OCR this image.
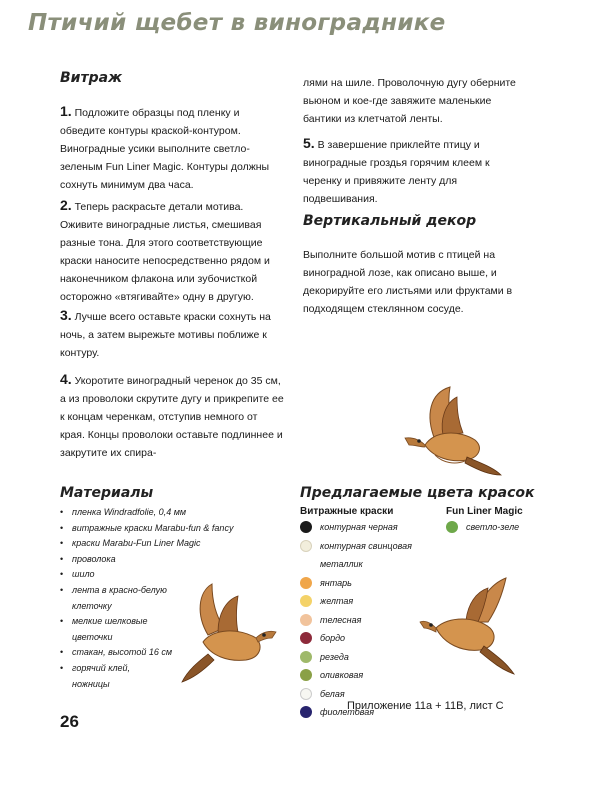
Птичий щебет в винограднике
Витраж
1. Подложите образцы под пленку и обведите контуры краской-контуром. Виноградные усики выполните светло-зеленым Fun Liner Magic. Контуры должны сохнуть минимум два часа.
2. Теперь раскрасьте детали мотива. Оживите виноградные листья, смешивая разные тона. Для этого соответствующие краски наносите непосредственно рядом и наконечником флакона или зубочисткой осторожно «втягивайте» одну в другую.
3. Лучше всего оставьте краски сохнуть на ночь, а затем вырежьте мотивы поближе к контуру.
4. Укоротите виноградный черенок до 35 см, а из проволоки скрутите дугу и прикрепите ее к концам черенкам, отступив немного от края. Концы проволоки оставьте подлиннее и закрутите их спира-
лями на шиле. Проволочную дугу оберните вьюном и кое-где завяжите маленькие бантики из клетчатой ленты.
5. В завершение приклейте птицу и виноградные гроздья горячим клеем к черенку и привяжите ленту для подвешивания.
Вертикальный декор
Выполните большой мотив с птицей на виноградной лозе, как описано выше, и декорируйте его листьями или фруктами в подходящем стеклянном сосуде.
Материалы
• пленка Windradfolie, 0,4 мм
• витражные краски Marabu-fun & fancy
• краски Marabu-Fun Liner Magic
• проволока
• шило
• лента в красно-белую клеточку
• мелкие шелковые цветочки
• стакан, высотой 16 см
• горячий клей, ножницы
Предлагаемые цвета красок
Витражные краски	Fun Liner Magic
контурная черная
контурная свинцовая металлик
янтарь
желтая
телесная
бордо
резеда
оливковая
белая
фиолетовая
светло-зеле
Приложение 11а + 11В, лист С
26
